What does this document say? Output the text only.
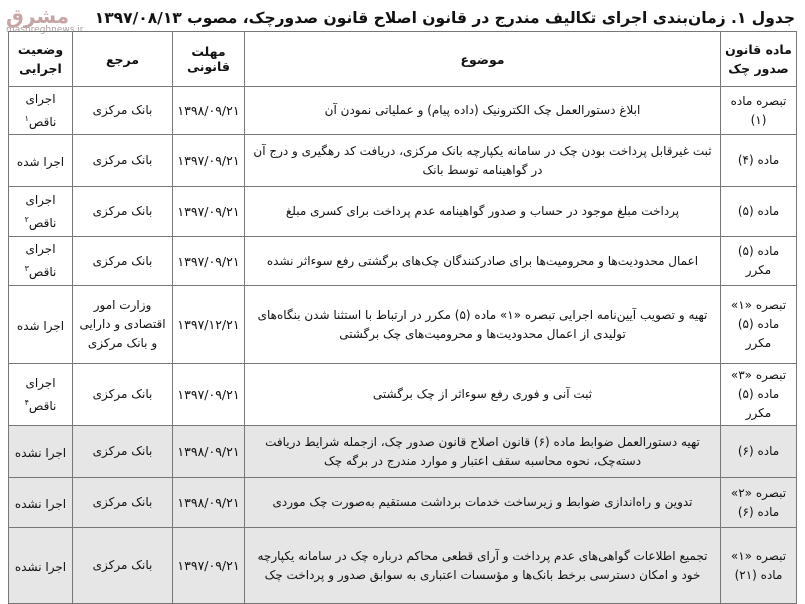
جدول ۱. زمان‌بندی اجرای تکالیف مندرج در قانون اصلاح قانون صدورچک، مصوب ۱۳۹۷/۰۸/۱۳
مشرق
mashreghnews.ir
ماده قانون صدور چک	موضوع	مهلت قانونی	مرجع	وضعیت اجرایی
تبصره ماده (۱)	ابلاغ دستورالعمل چک الکترونیک (داده پیام) و عملیاتی نمودن آن	۱۳۹۸/۰۹/۲۱	بانک مرکزی	اجرای ناقص$^۱$
ماده (۴)	ثبت غیرقابل پرداخت بودن چک در سامانه یکپارچه بانک مرکزی، دریافت کد رهگیری و درج آن در گواهینامه توسط بانک	۱۳۹۷/۰۹/۲۱	بانک مرکزی	اجرا شده
ماده (۵)	پرداخت مبلغ موجود در حساب و صدور گواهینامه عدم پرداخت برای کسری مبلغ	۱۳۹۷/۰۹/۲۱	بانک مرکزی	اجرای ناقص$^۲$
ماده (۵) مکرر	اعمال محدودیت‌ها و محرومیت‌ها برای صادرکنندگان چک‌های برگشتی رفع سوءاثر نشده	۱۳۹۷/۰۹/۲۱	بانک مرکزی	اجرای ناقص$^۳$
تبصره «۱» ماده (۵) مکرر	تهیه و تصویب آیین‌نامه اجرایی تبصره «۱» ماده (۵) مکرر در ارتباط با استثنا شدن بنگاه‌های تولیدی از اعمال محدودیت‌ها و محرومیت‌های چک برگشتی	۱۳۹۷/۱۲/۲۱	وزارت امور اقتصادی و دارایی و بانک مرکزی	اجرا شده
تبصره «۳» ماده (۵) مکرر	ثبت آنی و فوری رفع سوءاثر از چک برگشتی	۱۳۹۷/۰۹/۲۱	بانک مرکزی	اجرای ناقص$^۴$
ماده (۶)	تهیه دستورالعمل ضوابط ماده (۶) قانون اصلاح قانون صدور چک، ازجمله شرایط دریافت دسته‌چک، نحوه محاسبه سقف اعتبار و موارد مندرج در برگه چک	۱۳۹۸/۰۹/۲۱	بانک مرکزی	اجرا نشده
تبصره «۲» ماده (۶)	تدوین و راه‌اندازی ضوابط و زیرساخت خدمات برداشت مستقیم به‌صورت چک موردی	۱۳۹۸/۰۹/۲۱	بانک مرکزی	اجرا نشده
تبصره «۱» ماده (۲۱)	تجمیع اطلاعات گواهی‌های عدم پرداخت و آرای قطعی محاکم درباره چک در سامانه یکپارچه خود و امکان دسترسی برخط بانک‌ها و مؤسسات اعتباری به سوابق صدور و پرداخت چک	۱۳۹۷/۰۹/۲۱	بانک مرکزی	اجرا نشده
